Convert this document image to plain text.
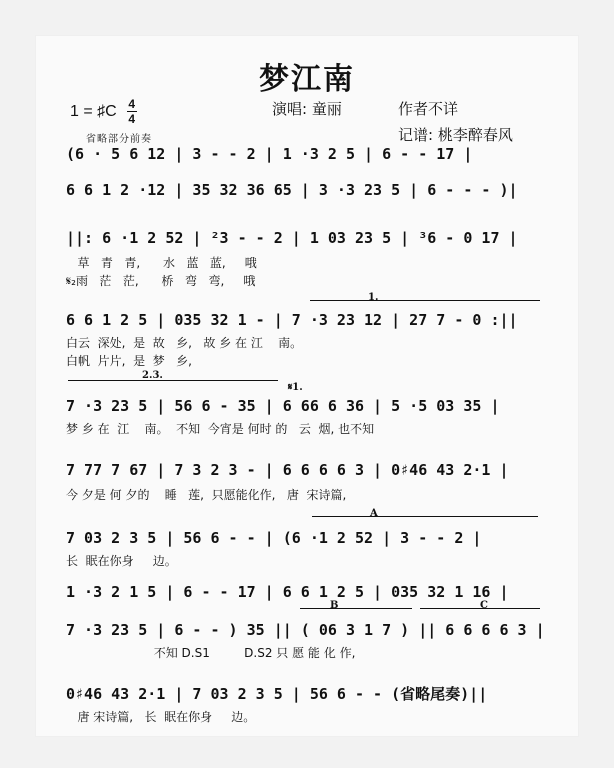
梦江南
1 = ♯C 4
4
演唱: 童丽	作者不详
记谱: 桃李醉春风
省略部分前奏
(6 · 5 6 12 | 3 - - 2 | 1 ·3 2 5 | 6 - - 17 |
6 6 1 2 ·12 | 35 32 36 65 | 3 ·3 23 5 | 6 - - - )|
||: 6 ·1 2 52 | ²3 - - 2 | 1 03 23 5 | ³6 - 0 17 |
草   青   青,      水   蓝   蓝,     哦
𝄋₂雨   茫   茫,      桥   弯   弯,     哦
1.
6 6 1 2 5 | 035 32 1 - | 7 ·3 23 12 | 27 7 - 0 :||
白云  深处,  是  故   乡,   故 乡 在 江    南。
白帆  片片,  是  梦   乡,
2.3.
𝄋1.
7 ·3 23 5 | 56 6 - 35 | 6 66 6 36 | 5 ·5 03 35 |
梦 乡 在  江    南。  不知  今宵是 何时 的   云  烟, 也不知
7 77 7 67 | 7 3 2 3 - | 6 6 6 6 3 | 0♯46 43 2·1 |
今 夕是 何 夕的    睡   莲,  只愿能化作,   唐  宋诗篇,
A
7 03 2 3 5 | 56 6 - - | (6 ·1 2 52 | 3 - - 2 |
长  眠在你身     边。
1 ·3 2 1 5 | 6 - - 17 | 6 6 1 2 5 | 035 32 1 16 |
B	C
7 ·3 23 5 | 6 - - ) 35 || ( 06 3 1 7 ) || 6 6 6 6 3 |
不知 D.S1         D.S2 只 愿 能 化 作,
0♯46 43 2·1 | 7 03 2 3 5 | 56 6 - - (省略尾奏)||
唐 宋诗篇,   长  眠在你身     边。
